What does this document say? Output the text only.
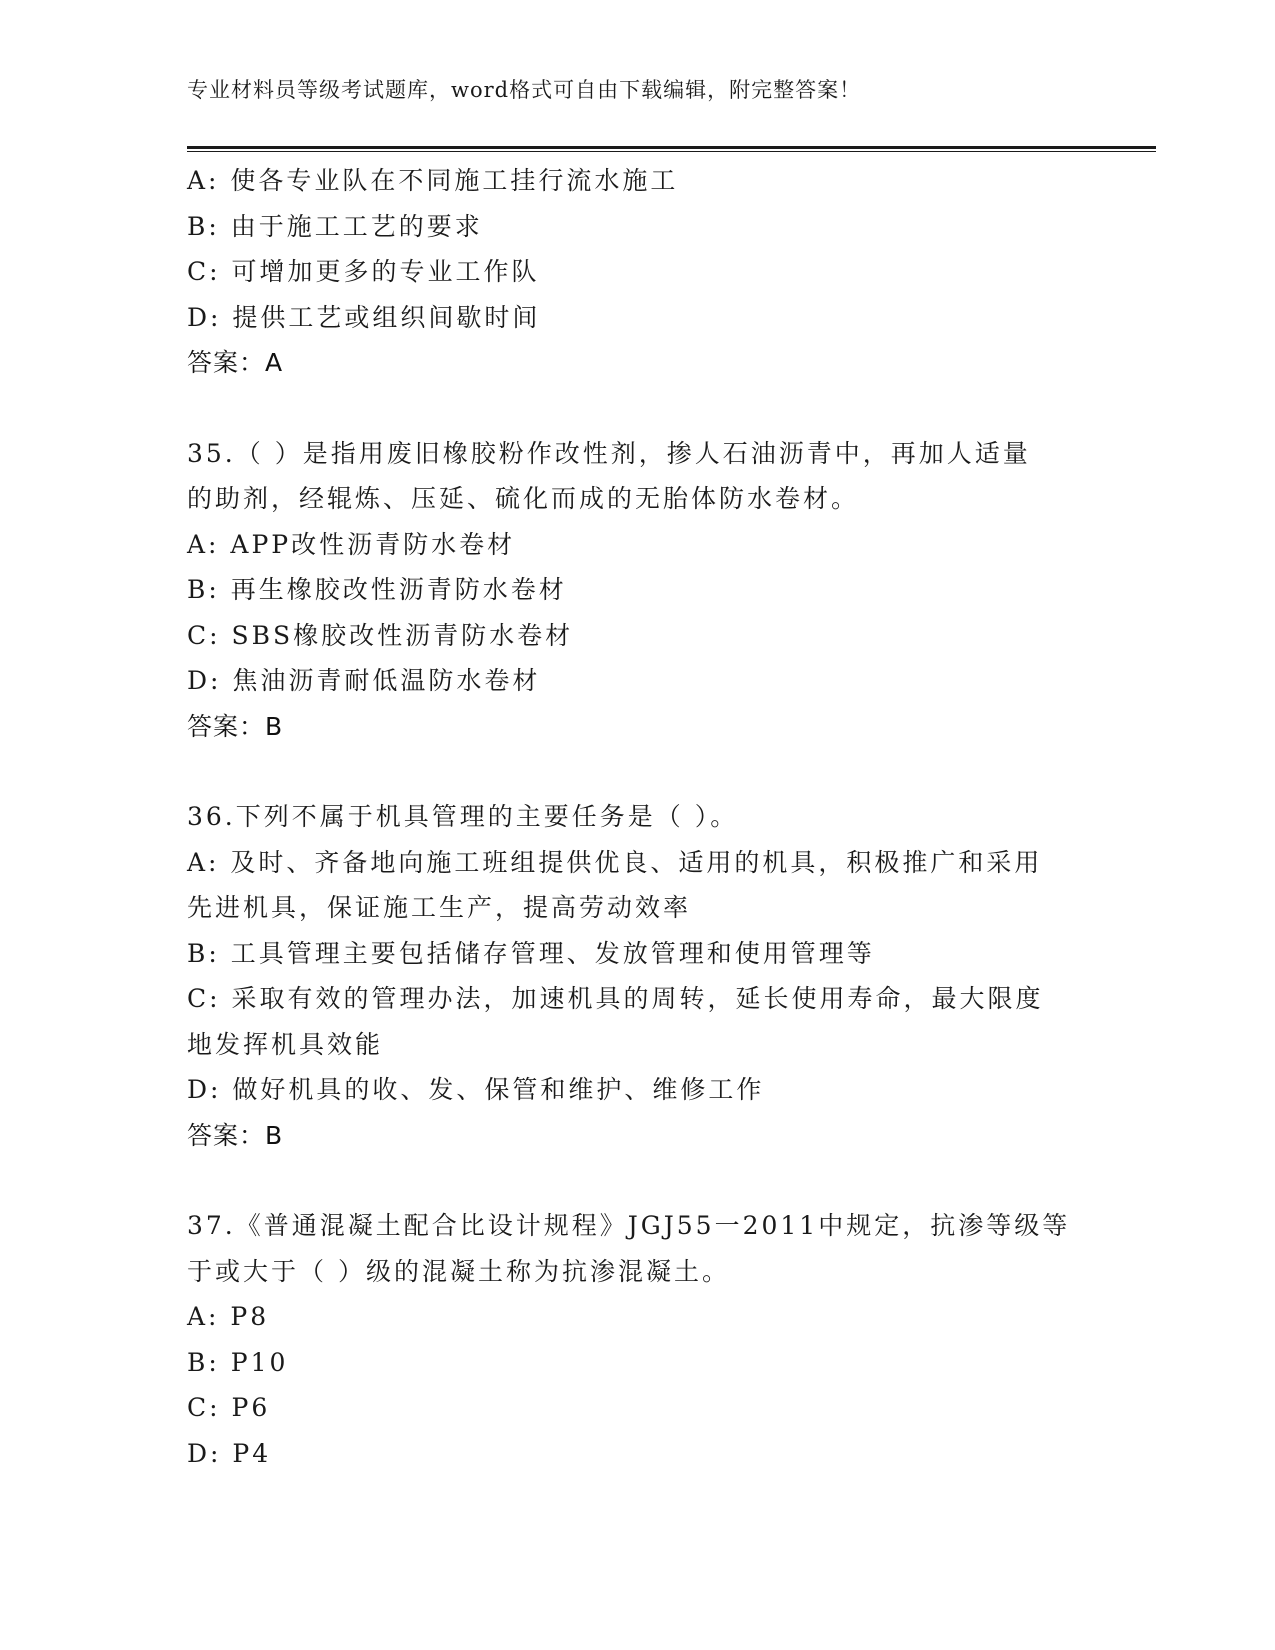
专业材料员等级考试题库，word格式可自由下载编辑，附完整答案！
A: 使各专业队在不同施工挂行流水施工
B: 由于施工工艺的要求
C: 可增加更多的专业工作队
D: 提供工艺或组织间歇时间
答案：A
35.（ ）是指用废旧橡胶粉作改性剂，掺人石油沥青中，再加人适量
的助剂，经辊炼、压延、硫化而成的无胎体防水卷材。
A: APP改性沥青防水卷材
B: 再生橡胶改性沥青防水卷材
C: SBS橡胶改性沥青防水卷材
D: 焦油沥青耐低温防水卷材
答案：B
36.下列不属于机具管理的主要任务是（ ）。
A: 及时、齐备地向施工班组提供优良、适用的机具，积极推广和采用
先进机具，保证施工生产，提高劳动效率
B: 工具管理主要包括储存管理、发放管理和使用管理等
C: 采取有效的管理办法，加速机具的周转，延长使用寿命，最大限度
地发挥机具效能
D: 做好机具的收、发、保管和维护、维修工作
答案：B
37.《普通混凝土配合比设计规程》JGJ55一2011中规定，抗渗等级等
于或大于（ ）级的混凝土称为抗渗混凝土。
A: P8
B: P10
C: P6
D: P4
